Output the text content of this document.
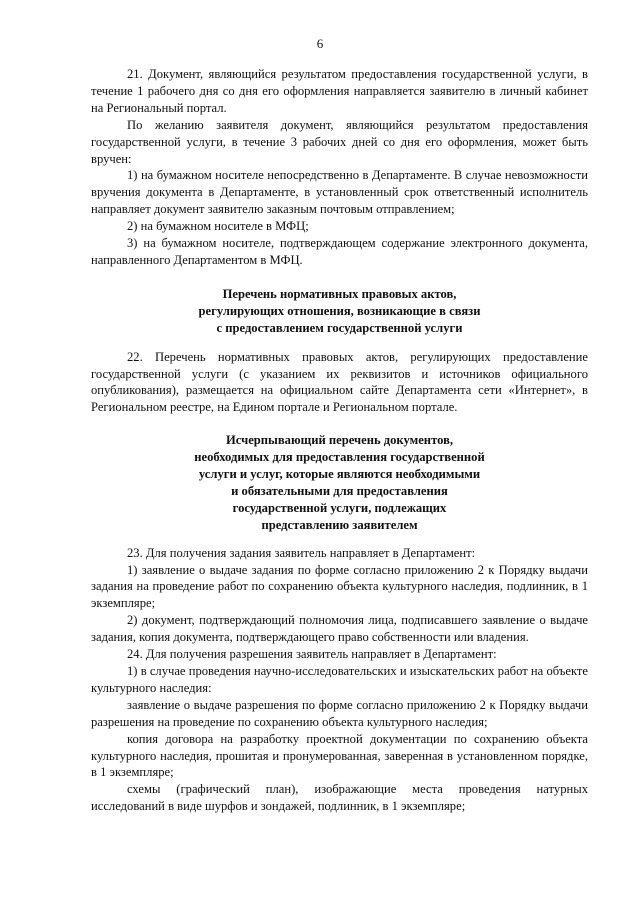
6

21. Документ, являющийся результатом предоставления государственной услуги, в течение 1 рабочего дня со дня его оформления направляется заявителю в личный кабинет на Региональный портал.

По желанию заявителя документ, являющийся результатом предоставления государственной услуги, в течение 3 рабочих дней со дня его оформления, может быть вручен:

1) на бумажном носителе непосредственно в Департаменте. В случае невозможности вручения документа в Департаменте, в установленный срок ответственный исполнитель направляет документ заявителю заказным почтовым отправлением;

2) на бумажном носителе в МФЦ;

3) на бумажном носителе, подтверждающем содержание электронного документа, направленного Департаментом в МФЦ.

Перечень нормативных правовых актов,

регулирующих отношения, возникающие в связи

с предоставлением государственной услуги

22. Перечень нормативных правовых актов, регулирующих предоставление государственной услуги (с указанием их реквизитов и источников официального опубликования), размещается на официальном сайте Департамента сети «Интернет», в Региональном реестре, на Едином портале и Региональном портале.

Исчерпывающий перечень документов,

необходимых для предоставления государственной

услуги и услуг, которые являются необходимыми

и обязательными для предоставления

государственной услуги, подлежащих

представлению заявителем

23. Для получения задания заявитель направляет в Департамент:

1) заявление о выдаче задания по форме согласно приложению 2 к Порядку выдачи задания на проведение работ по сохранению объекта культурного наследия, подлинник, в 1 экземпляре;

2) документ, подтверждающий полномочия лица, подписавшего заявление о выдаче задания, копия документа, подтверждающего право собственности или владения.

24. Для получения разрешения заявитель направляет в Департамент:

1) в случае проведения научно-исследовательских и изыскательских работ на объекте культурного наследия:

заявление о выдаче разрешения по форме согласно приложению 2 к Порядку выдачи разрешения на проведение по сохранению объекта культурного наследия;

копия договора на разработку проектной документации по сохранению объекта культурного наследия, прошитая и пронумерованная, заверенная в установленном порядке, в 1 экземпляре;

схемы (графический план), изображающие места проведения натурных исследований в виде шурфов и зондажей, подлинник, в 1 экземпляре;
